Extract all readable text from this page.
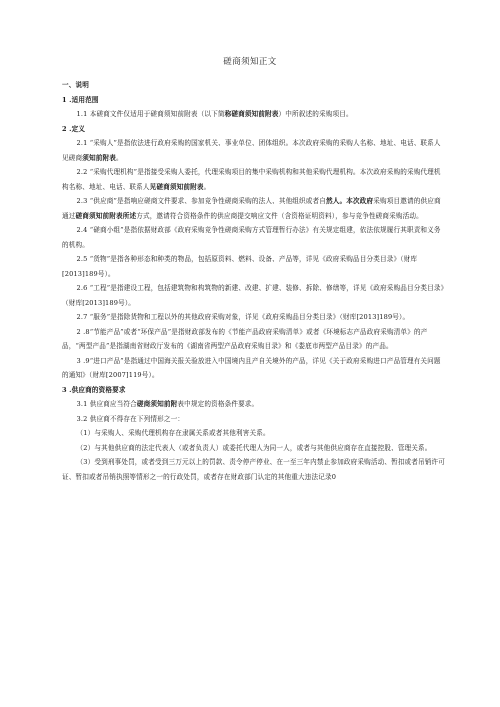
磋商须知正文

一、说明

1 .适用范围

1.1 本磋商文件仅适用于磋商须知前附表（以下简称磋商须知前附表）中所叙述的采购项目。

2 .定义

2.1 “采购人”是指依法进行政府采购的国家机关、事业单位、团体组织。本次政府采购的采购人名称、地址、电话、联系人见磋商须知前附表。

2.2 “采购代理机构”是指接受采购人委托，代理采购项目的集中采购机构和其他采购代理机构。本次政府采购的采购代理机构名称、地址、电话、联系人见磋商须知前附表。

2.3 “供应商”是指响应磋商文件要求、参加竞争性磋商采购的法人、其他组织或者自然人。本次政府采购项目邀请的供应商通过磋商须知前附表所述方式，邀请符合资格条件的供应商提交响应文件（含资格证明资料），参与竞争性磋商采购活动。

2.4 “磋商小组”是指依据财政部《政府采购竞争性磋商采购方式管理暂行办法》有关规定组建，依法依规履行其职责和义务的机构。

2.5 “货物”是指各种形态和种类的物品，包括原资料、燃料、设备、产品等，详见《政府采购品目分类目录》（财库[2013]189号）。

2.6 “工程”是指建设工程，包括建筑物和构筑物的新建、改建、扩建、装修、拆除、修缮等，详见《政府采购品目分类目录》（财库[2013]189号）。

2.7 “服务”是指除货物和工程以外的其他政府采购对象，详见《政府采购品目分类目录》（财库[2013]189号）。

2 .8“节能产品”或者“环保产品”是指财政部发布的《节能产品政府采购清单》或者《环境标志产品政府采购清单》的产品，“两型产品”是指湖南省财政厅发布的《湖南省两型产品政府采购目录》和《娄底市两型产品目录》的产品。

3 .9“进口产品”是指通过中国海关报关验放进入中国境内且产自关境外的产品，详见《关于政府采购进口产品管理有关问题的通知》（财库[2007]119号）。

3 .供应商的资格要求

3.1 供应商应当符合磋商须知前附表中规定的资格条件要求。

3.2 供应商不得存在下列情形之一：

（1）与采购人、采购代理机构存在隶属关系或者其他利害关系。

（2）与其他供应商的法定代表人（或者负责人）或委托代理人为同一人，或者与其他供应商存在直接控股、管理关系。

（3）受到刑事处罚，或者受到三万元以上的罚款、责令停产停业、在一至三年内禁止参加政府采购活动、暂扣或者吊销许可证、暂扣或者吊销执照等情形之一的行政处罚，或者存在财政部门认定的其他重大违法记录0
